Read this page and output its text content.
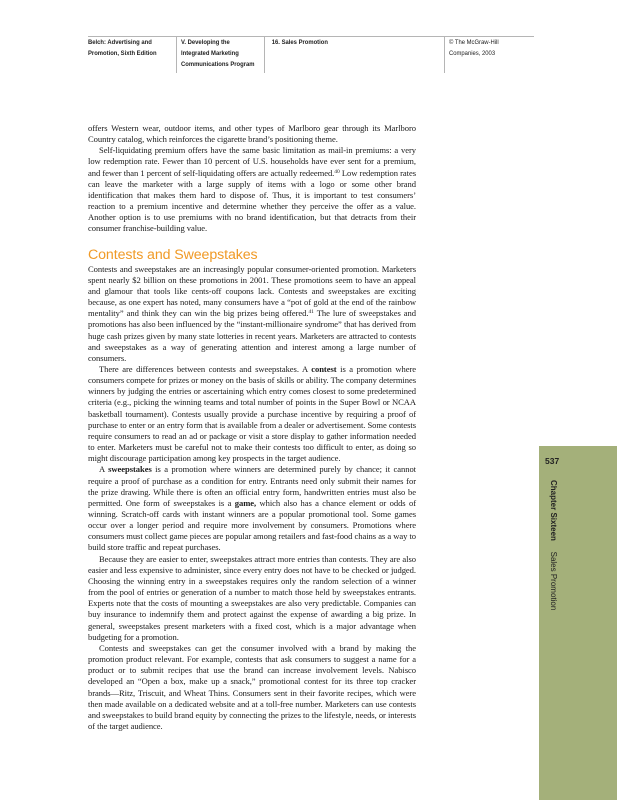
Belch: Advertising and
Promotion, Sixth Edition
V. Developing the
Integrated Marketing
Communications Program
16. Sales Promotion	© The McGraw-Hill
Companies, 2003

offers Western wear, outdoor items, and other types of Marlboro gear through its Marlboro Country catalog, which reinforces the cigarette brand’s positioning theme.

Self-liquidating premium offers have the same basic limitation as mail-in premiums: a very low redemption rate. Fewer than 10 percent of U.S. households have ever sent for a premium, and fewer than 1 percent of self-liquidating offers are actually redeemed.$^{40}$ Low redemption rates can leave the marketer with a large supply of items with a logo or some other brand identification that makes them hard to dispose of. Thus, it is important to test consumers’ reaction to a premium incentive and determine whether they perceive the offer as a value. Another option is to use premiums with no brand identification, but that detracts from their consumer franchise-building value.

Contests and Sweepstakes

Contests and sweepstakes are an increasingly popular consumer-oriented promotion. Marketers spent nearly $2 billion on these promotions in 2001. These promotions seem to have an appeal and glamour that tools like cents-off coupons lack. Contests and sweepstakes are exciting because, as one expert has noted, many consumers have a “pot of gold at the end of the rainbow mentality” and think they can win the big prizes being offered.$^{41}$ The lure of sweepstakes and promotions has also been influenced by the “instant-millionaire syndrome” that has derived from huge cash prizes given by many state lotteries in recent years. Marketers are attracted to contests and sweepstakes as a way of generating attention and interest among a large number of consumers.

There are differences between contests and sweepstakes. A contest is a promotion where consumers compete for prizes or money on the basis of skills or ability. The company determines winners by judging the entries or ascertaining which entry comes closest to some predetermined criteria (e.g., picking the winning teams and total number of points in the Super Bowl or NCAA basketball tournament). Contests usually provide a purchase incentive by requiring a proof of purchase to enter or an entry form that is available from a dealer or advertisement. Some contests require consumers to read an ad or package or visit a store display to gather information needed to enter. Marketers must be careful not to make their contests too difficult to enter, as doing so might discourage participation among key prospects in the target audience.

A sweepstakes is a promotion where winners are determined purely by chance; it cannot require a proof of purchase as a condition for entry. Entrants need only submit their names for the prize drawing. While there is often an official entry form, handwritten entries must also be permitted. One form of sweepstakes is a game, which also has a chance element or odds of winning. Scratch-off cards with instant winners are a popular promotional tool. Some games occur over a longer period and require more involvement by consumers. Promotions where consumers must collect game pieces are popular among retailers and fast-food chains as a way to build store traffic and repeat purchases.

Because they are easier to enter, sweepstakes attract more entries than contests. They are also easier and less expensive to administer, since every entry does not have to be checked or judged. Choosing the winning entry in a sweepstakes requires only the random selection of a winner from the pool of entries or generation of a number to match those held by sweepstakes entrants. Experts note that the costs of mounting a sweepstakes are also very predictable. Companies can buy insurance to indemnify them and protect against the expense of awarding a big prize. In general, sweepstakes present marketers with a fixed cost, which is a major advantage when budgeting for a promotion.

Contests and sweepstakes can get the consumer involved with a brand by making the promotion product relevant. For example, contests that ask consumers to suggest a name for a product or to submit recipes that use the brand can increase involvement levels. Nabisco developed an “Open a box, make up a snack,” promotional contest for its three top cracker brands—Ritz, Triscuit, and Wheat Thins. Consumers sent in their favorite recipes, which were then made available on a dedicated website and at a toll-free number. Marketers can use contests and sweepstakes to build brand equity by connecting the prizes to the lifestyle, needs, or interests of the target audience.

537
Chapter Sixteen   Sales Promotion
